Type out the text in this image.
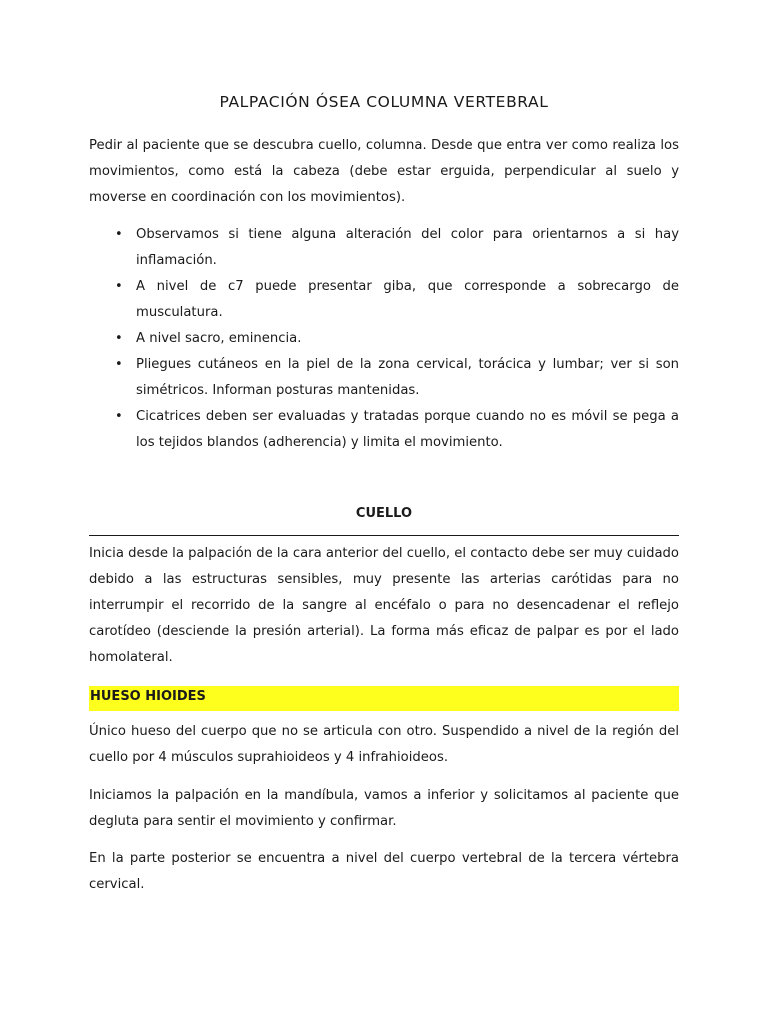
PALPACIÓN ÓSEA COLUMNA VERTEBRAL

Pedir al paciente que se descubra cuello, columna. Desde que entra ver como realiza los movimientos, como está la cabeza (debe estar erguida, perpendicular al suelo y moverse en coordinación con los movimientos).

• Observamos si tiene alguna alteración del color para orientarnos a si hay inflamación.
• A nivel de c7 puede presentar giba, que corresponde a sobrecargo de musculatura.
• A nivel sacro, eminencia.
• Pliegues cutáneos en la piel de la zona cervical, torácica y lumbar; ver si son simétricos. Informan posturas mantenidas.
• Cicatrices deben ser evaluadas y tratadas porque cuando no es móvil se pega a los tejidos blandos (adherencia) y limita el movimiento.
CUELLO

Inicia desde la palpación de la cara anterior del cuello, el contacto debe ser muy cuidado debido a las estructuras sensibles, muy presente las arterias carótidas para no interrumpir el recorrido de la sangre al encéfalo o para no desencadenar el reflejo carotídeo (desciende la presión arterial). La forma más eficaz de palpar es por el lado homolateral.

HUESO HIOIDES

Único hueso del cuerpo que no se articula con otro. Suspendido a nivel de la región del cuello por 4 músculos suprahioideos y 4 infrahioideos.

Iniciamos la palpación en la mandíbula, vamos a inferior y solicitamos al paciente que degluta para sentir el movimiento y confirmar.

En la parte posterior se encuentra a nivel del cuerpo vertebral de la tercera vértebra cervical.
